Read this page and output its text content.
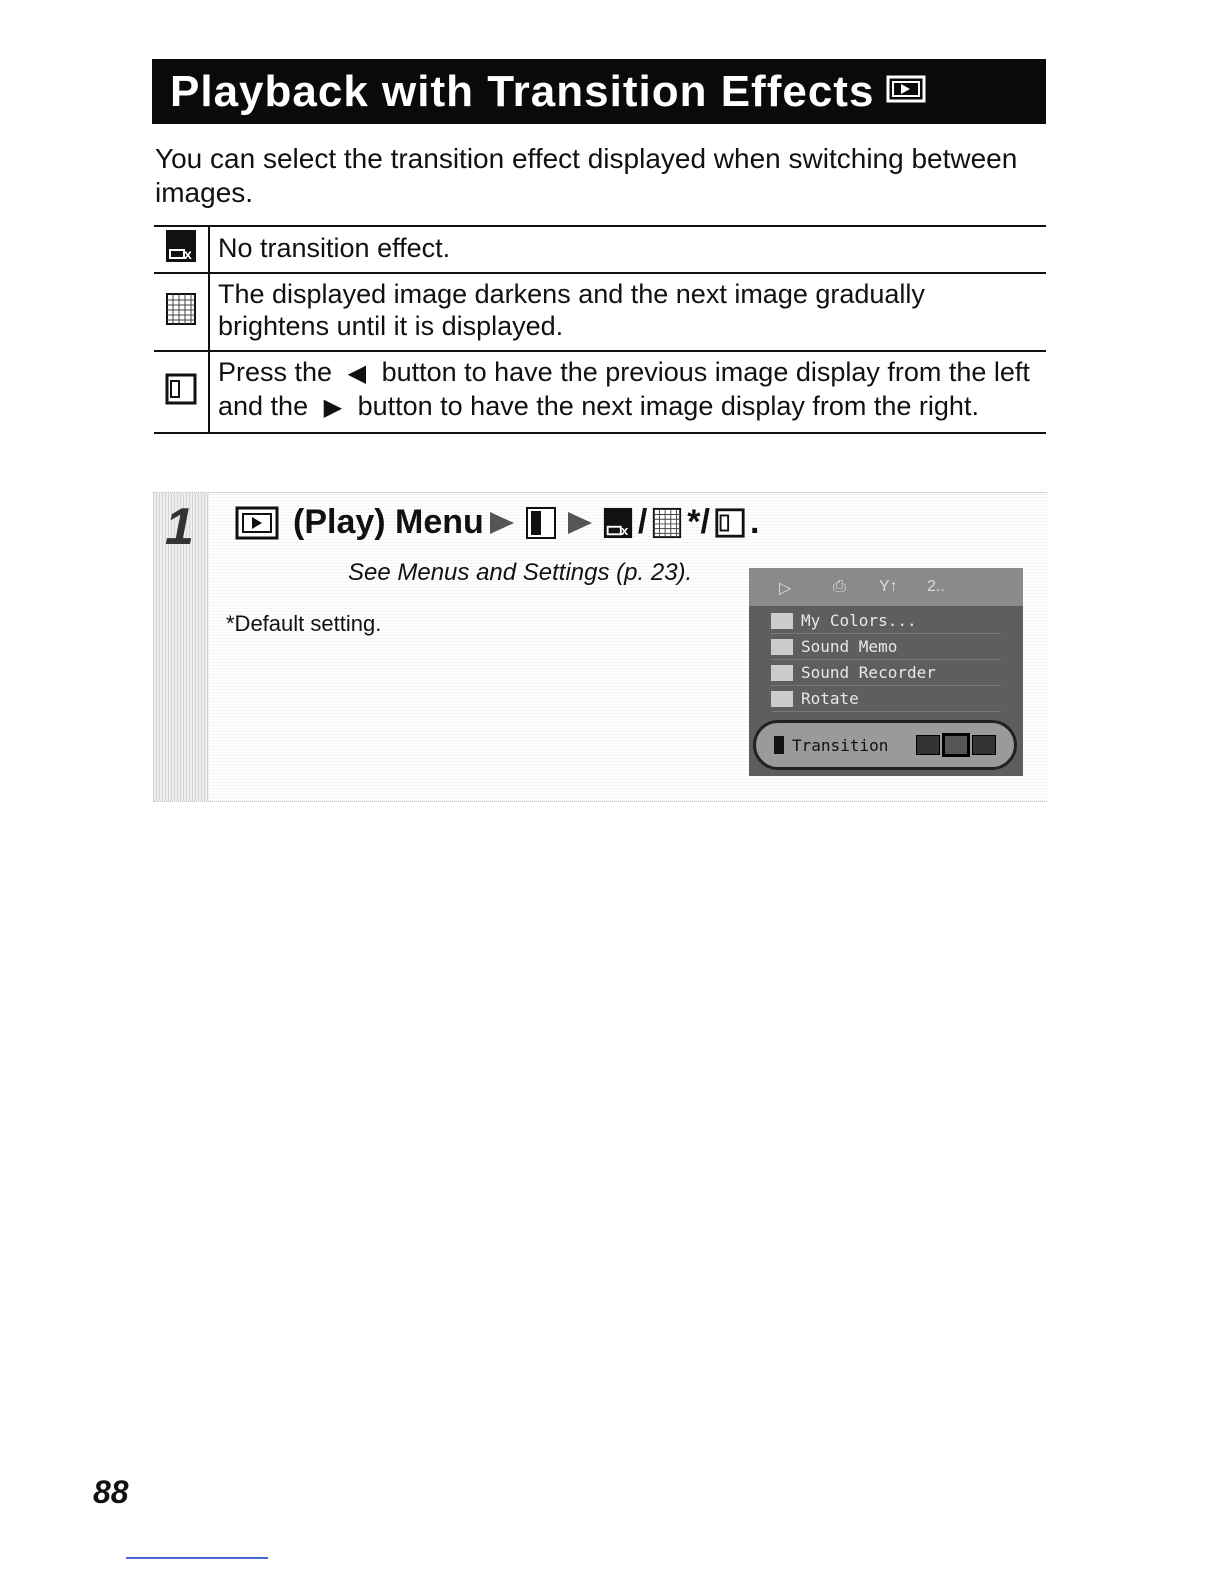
Playback with Transition Effects
You can select the transition effect displayed when switching between images.
x	No transition effect.
	The displayed image darkens and the next image gradually brightens until it is displayed.
	Press the ◀ button to have the previous image display from the left and the ▶ button to have the next image display from the right.
1	(Play) Menu	x / * / .
See Menus and Settings (p. 23).
*Default setting.
▷	⎙ Y↑ 2..
My Colors...
Sound Memo
Sound Recorder
Rotate
Transition
88
